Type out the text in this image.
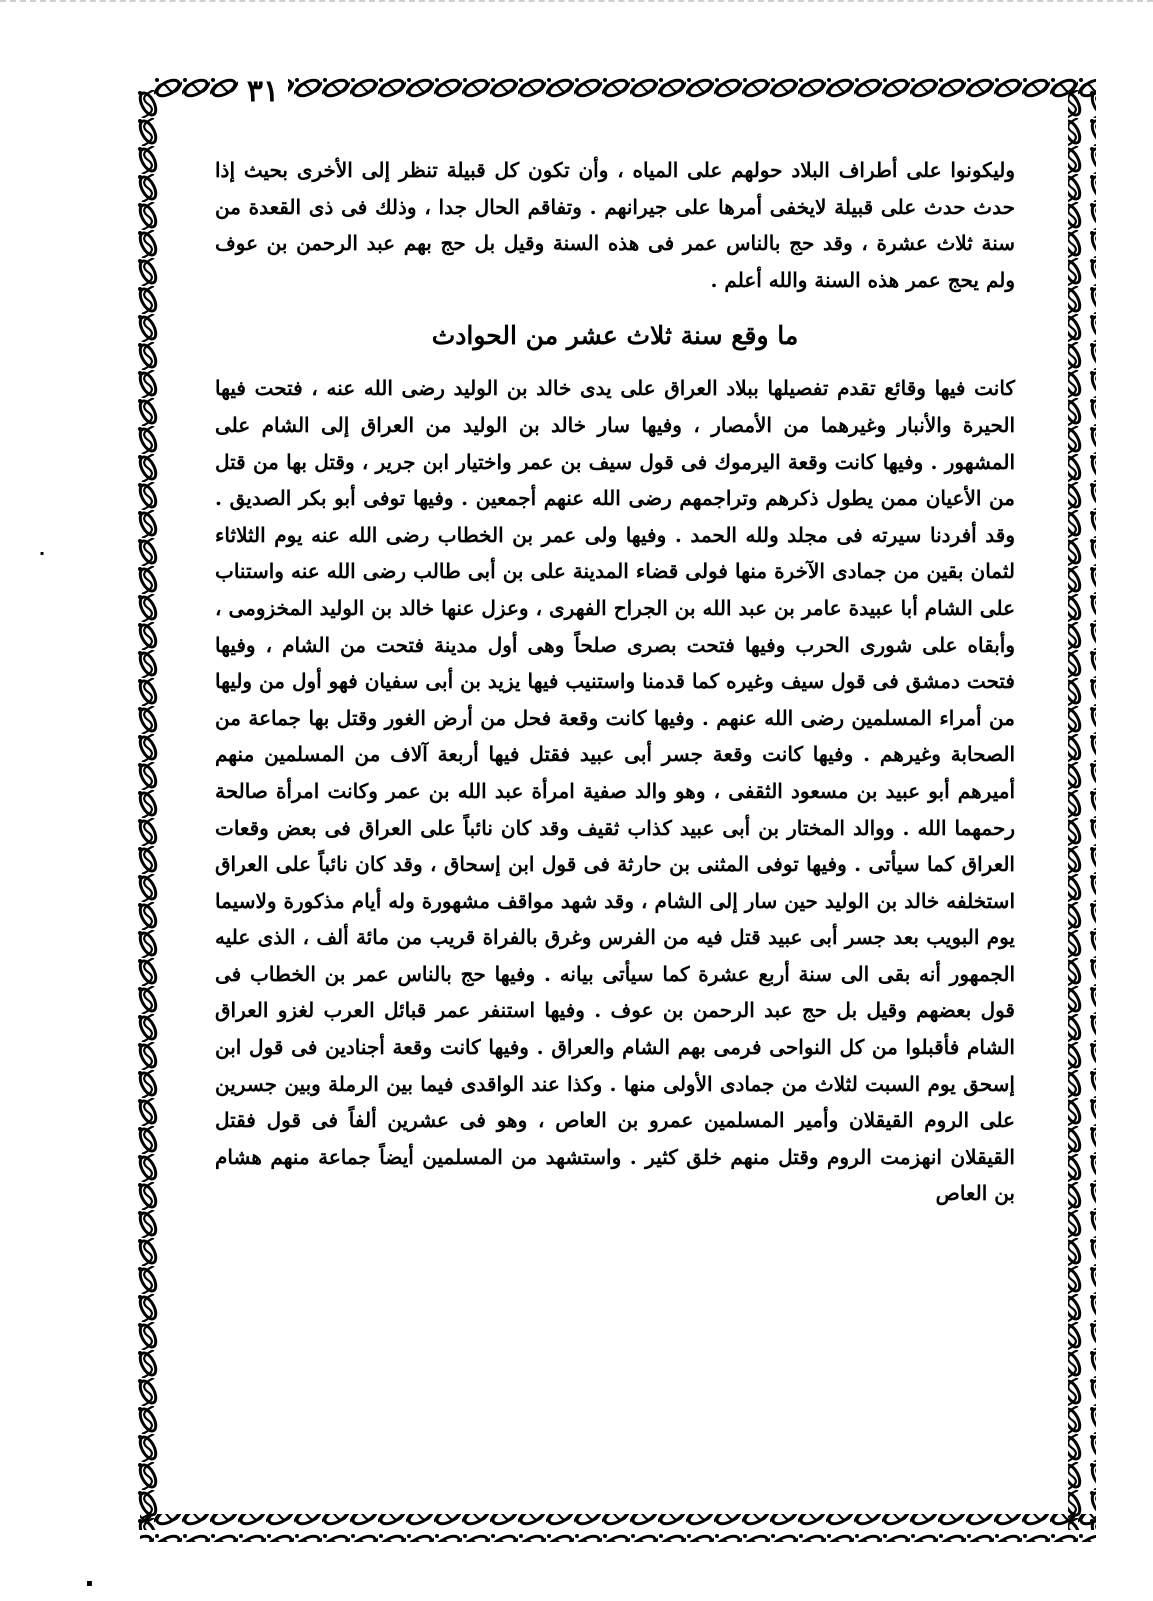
٣١

وليكونوا على أطراف البلاد حولهم على المياه ، وأن تكون كل قبيلة تنظر إلى الأخرى بحيث إذا حدث حدث على قبيلة لايخفى أمرها على جيرانهم . وتفاقم الحال جدا ، وذلك فى ذى القعدة من سنة ثلاث عشرة ، وقد حج بالناس عمر فى هذه السنة وقيل بل حج بهم عبد الرحمن بن عوف ولم يحج عمر هذه السنة والله أعلم .

ما وقع سنة ثلاث عشر من الحوادث

كانت فيها وقائع تقدم تفصيلها ببلاد العراق على يدى خالد بن الوليد رضى الله عنه ، فتحت فيها الحيرة والأنبار وغيرهما من الأمصار ، وفيها سار خالد بن الوليد من العراق إلى الشام على المشهور . وفيها كانت وقعة اليرموك فى قول سيف بن عمر واختيار ابن جرير ، وقتل بها من قتل من الأعيان ممن يطول ذكرهم وتراجمهم رضى الله عنهم أجمعين . وفيها توفى أبو بكر الصديق . وقد أفردنا سيرته فى مجلد ولله الحمد . وفيها ولى عمر بن الخطاب رضى الله عنه يوم الثلاثاء لثمان بقين من جمادى الآخرة منها فولى قضاء المدينة على بن أبى طالب رضى الله عنه واستناب على الشام أبا عبيدة عامر بن عبد الله بن الجراح الفهرى ، وعزل عنها خالد بن الوليد المخزومى ، وأبقاه على شورى الحرب وفيها فتحت بصرى صلحاً وهى أول مدينة فتحت من الشام ، وفيها فتحت دمشق فى قول سيف وغيره كما قدمنا واستنيب فيها يزيد بن أبى سفيان فهو أول من وليها من أمراء المسلمين رضى الله عنهم . وفيها كانت وقعة فحل من أرض الغور وقتل بها جماعة من الصحابة وغيرهم . وفيها كانت وقعة جسر أبى عبيد فقتل فيها أربعة آلاف من المسلمين منهم أميرهم أبو عبيد بن مسعود الثقفى ، وهو والد صفية امرأة عبد الله بن عمر وكانت امرأة صالحة رحمهما الله . ووالد المختار بن أبى عبيد كذاب ثقيف وقد كان نائباً على العراق فى بعض وقعات العراق كما سيأتى . وفيها توفى المثنى بن حارثة فى قول ابن إسحاق ، وقد كان نائباً على العراق استخلفه خالد بن الوليد حين سار إلى الشام ، وقد شهد مواقف مشهورة وله أيام مذكورة ولاسيما يوم البويب بعد جسر أبى عبيد قتل فيه من الفرس وغرق بالفراة قريب من مائة ألف ، الذى عليه الجمهور أنه بقى الى سنة أربع عشرة كما سيأتى بيانه . وفيها حج بالناس عمر بن الخطاب فى قول بعضهم وقيل بل حج عبد الرحمن بن عوف . وفيها استنفر عمر قبائل العرب لغزو العراق الشام فأقبلوا من كل النواحى فرمى بهم الشام والعراق . وفيها كانت وقعة أجنادين فى قول ابن إسحق يوم السبت لثلاث من جمادى الأولى منها . وكذا عند الواقدى فيما بين الرملة وبين جسرين على الروم القيقلان وأمير المسلمين عمرو بن العاص ، وهو فى عشرين ألفاً فى قول فقتل القيقلان انهزمت الروم وقتل منهم خلق كثير . واستشهد من المسلمين أيضاً جماعة منهم هشام بن العاص

▪
▪
